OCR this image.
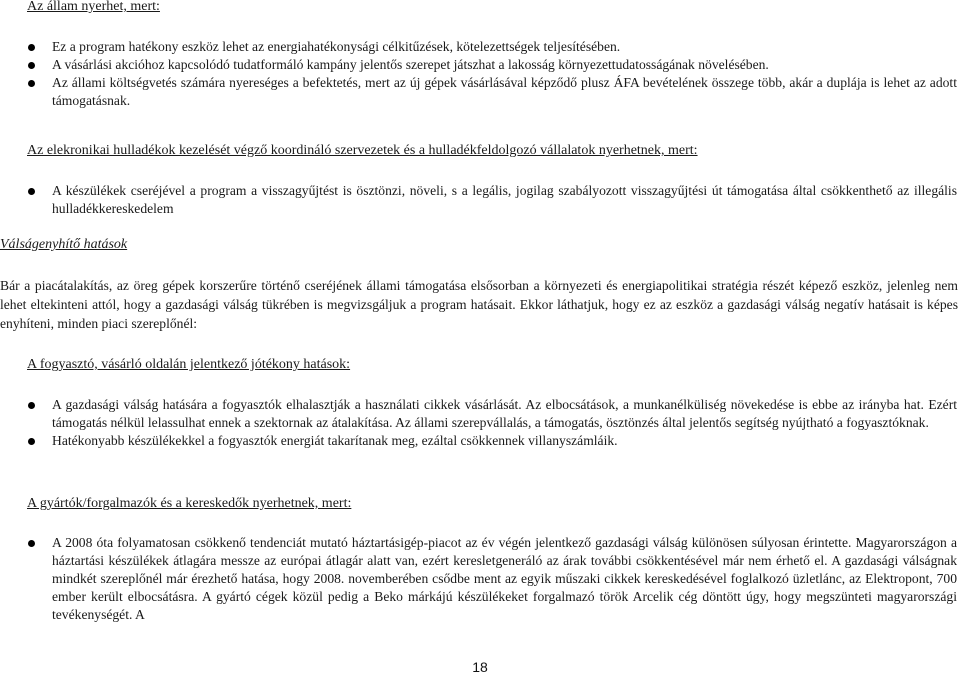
Az állam nyerhet, mert:
Ez a program hatékony eszköz lehet az energiahatékonysági célkitűzések, kötelezettségek teljesítésében.
A vásárlási akcióhoz kapcsolódó tudatformáló kampány jelentős szerepet játszhat a lakosság környezettudatosságának növelésében.
Az állami költségvetés számára nyereséges a befektetés, mert az új gépek vásárlásával képződő plusz ÁFA bevételének összege több, akár a duplája is lehet az adott támogatásnak.
Az elekronikai hulladékok kezelését végző koordináló szervezetek és a hulladékfeldolgozó vállalatok nyerhetnek, mert:
A készülékek cseréjével a program a visszagyűjtést is ösztönzi, növeli, s a legális, jogilag szabályozott visszagyűjtési út támogatása által csökkenthető az illegális hulladékkereskedelem
Válságenyhítő hatások
Bár a piacátalakítás, az öreg gépek korszerűre történő cseréjének állami támogatása elsősorban a környezeti és energiapolitikai stratégia részét képező eszköz, jelenleg nem lehet eltekinteni attól, hogy a gazdasági válság tükrében is megvizsgáljuk a program hatásait. Ekkor láthatjuk, hogy ez az eszköz a gazdasági válság negatív hatásait is képes enyhíteni, minden piaci szereplőnél:
A fogyasztó, vásárló oldalán jelentkező jótékony hatások:
A gazdasági válság hatására a fogyasztók elhalasztják a használati cikkek vásárlását. Az elbocsátások, a munkanélküliség növekedése is ebbe az irányba hat. Ezért támogatás nélkül lelassulhat ennek a szektornak az átalakítása. Az állami szerepvállalás, a támogatás, ösztönzés által jelentős segítség nyújtható a fogyasztóknak.
Hatékonyabb készülékekkel a fogyasztók energiát takarítanak meg, ezáltal csökkennek villanyszámláik.
A gyártók/forgalmazók és a kereskedők nyerhetnek, mert:
A 2008 óta folyamatosan csökkenő tendenciát mutató háztartásigép-piacot az év végén jelentkező gazdasági válság különösen súlyosan érintette. Magyarországon a háztartási készülékek átlagára messze az európai átlagár alatt van, ezért keresletgeneráló az árak további csökkentésével már nem érhető el. A gazdasági válságnak mindkét szereplőnél már érezhető hatása, hogy 2008. novemberében csődbe ment az egyik műszaki cikkek kereskedésével foglalkozó üzletlánc, az Elektropont, 700 ember került elbocsátásra. A gyártó cégek közül pedig a Beko márkájú készülékeket forgalmazó török Arcelik cég döntött úgy, hogy megszünteti magyarországi tevékenységét. A
18
